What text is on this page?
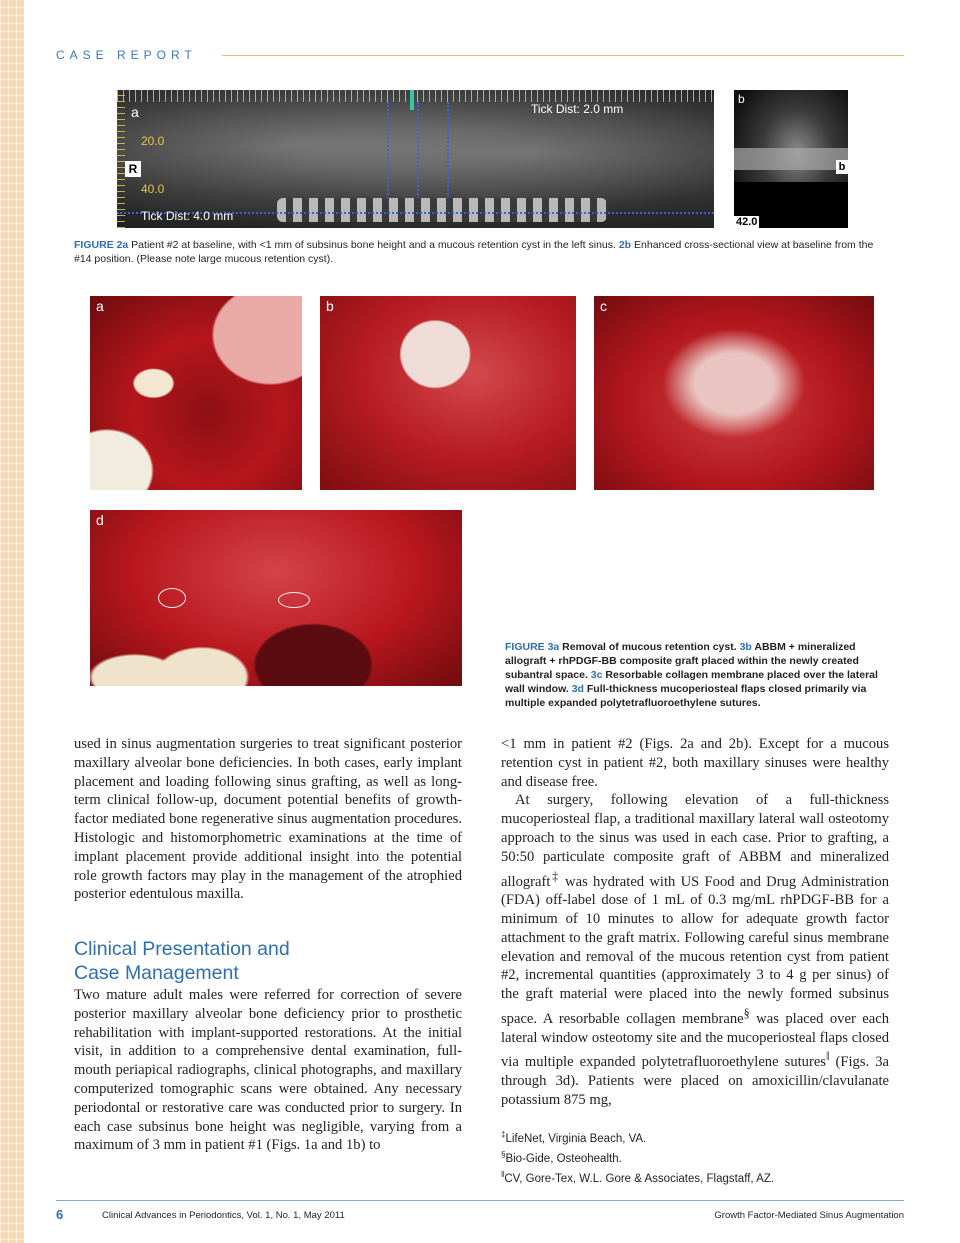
CASE REPORT
a	Tick Dist: 2.0 mm
20.0
R
40.0
Tick Dist: 4.0 mm
b
b
42.0
FIGURE 2a Patient #2 at baseline, with <1 mm of subsinus bone height and a mucous retention cyst in the left sinus. 2b Enhanced cross-sectional view at baseline from the #14 position. (Please note large mucous retention cyst).
a	b	c
d
FIGURE 3a Removal of mucous retention cyst. 3b ABBM + mineralized allograft + rhPDGF-BB composite graft placed within the newly created subantral space. 3c Resorbable collagen membrane placed over the lateral wall window. 3d Full-thickness mucoperiosteal flaps closed primarily via multiple expanded polytetrafluoroethylene sutures.

used in sinus augmentation surgeries to treat significant posterior maxillary alveolar bone deficiencies. In both cases, early implant placement and loading following sinus grafting, as well as long-term clinical follow-up, document potential benefits of growth-factor mediated bone regenerative sinus augmentation procedures. Histologic and histomorphometric examinations at the time of implant placement provide additional insight into the potential role growth factors may play in the management of the atrophied posterior edentulous maxilla.

Clinical Presentation and
Case Management

Two mature adult males were referred for correction of severe posterior maxillary alveolar bone deficiency prior to prosthetic rehabilitation with implant-supported restorations. At the initial visit, in addition to a comprehensive dental examination, full-mouth periapical radiographs, clinical photographs, and maxillary computerized tomographic scans were obtained. Any necessary periodontal or restorative care was conducted prior to surgery. In each case subsinus bone height was negligible, varying from a maximum of 3 mm in patient #1 (Figs. 1a and 1b) to

<1 mm in patient #2 (Figs. 2a and 2b). Except for a mucous retention cyst in patient #2, both maxillary sinuses were healthy and disease free.

At surgery, following elevation of a full-thickness mucoperiosteal flap, a traditional maxillary lateral wall osteotomy approach to the sinus was used in each case. Prior to grafting, a 50:50 particulate composite graft of ABBM and mineralized allograft‡ was hydrated with US Food and Drug Administration (FDA) off-label dose of 1 mL of 0.3 mg/mL rhPDGF-BB for a minimum of 10 minutes to allow for adequate growth factor attachment to the graft matrix. Following careful sinus membrane elevation and removal of the mucous retention cyst from patient #2, incremental quantities (approximately 3 to 4 g per sinus) of the graft material were placed into the newly formed subsinus space. A resorbable collagen membrane§ was placed over each lateral window osteotomy site and the mucoperiosteal flaps closed via multiple expanded polytetrafluoroethylene sutures‖ (Figs. 3a through 3d). Patients were placed on amoxicillin/clavulanate potassium 875 mg,

‡LifeNet, Virginia Beach, VA.
§Bio-Gide, Osteohealth.
‖CV, Gore-Tex, W.L. Gore & Associates, Flagstaff, AZ.
6	Clinical Advances in Periodontics, Vol. 1, No. 1, May 2011	Growth Factor-Mediated Sinus Augmentation
